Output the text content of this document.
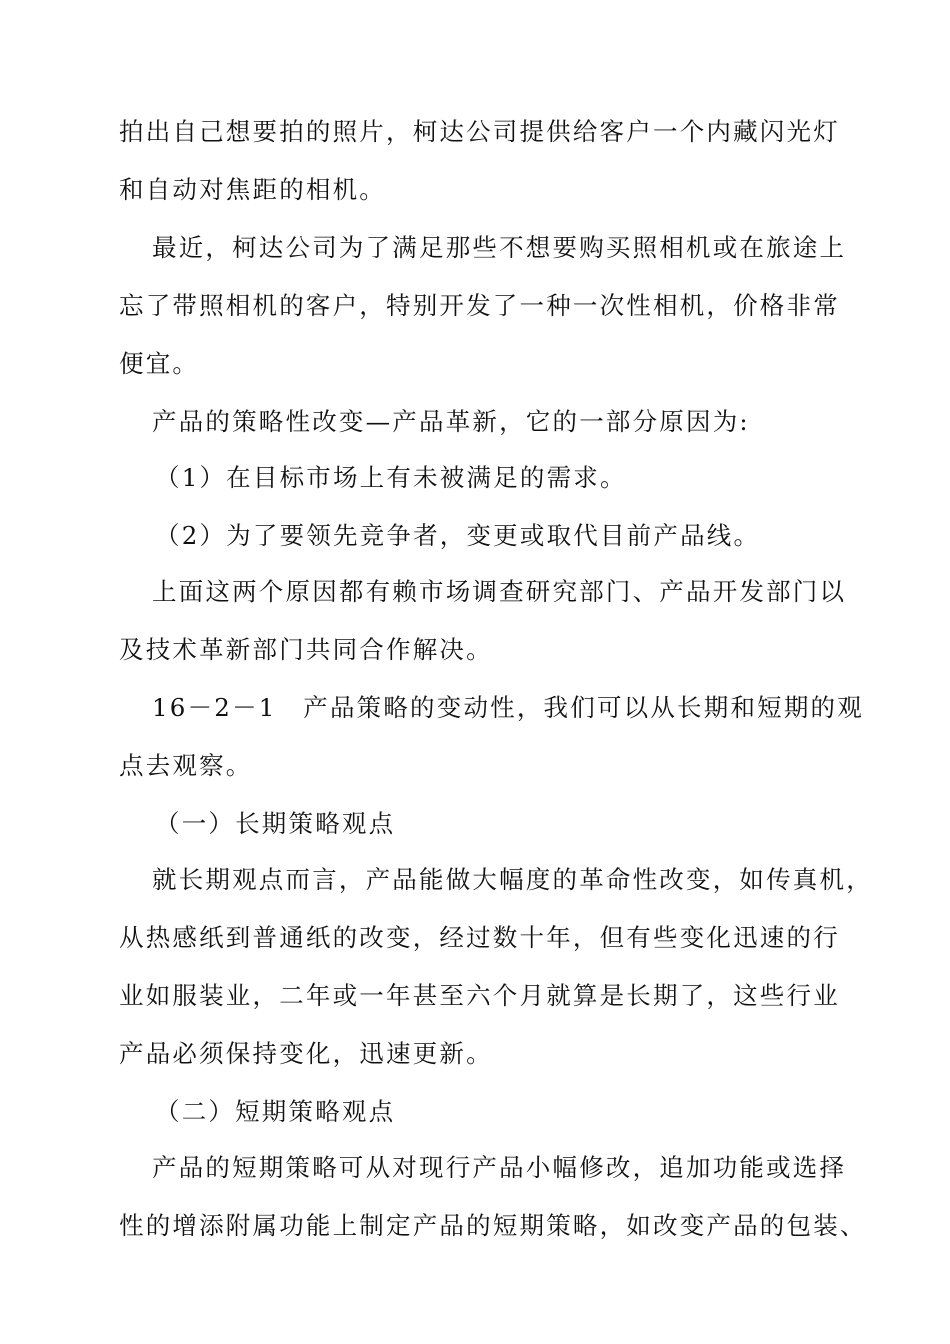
拍出自己想要拍的照片，柯达公司提供给客户一个内藏闪光灯
和自动对焦距的相机。
最近，柯达公司为了满足那些不想要购买照相机或在旅途上
忘了带照相机的客户，特别开发了一种一次性相机，价格非常
便宜。
产品的策略性改变—产品革新，它的一部分原因为:
（1）在目标市场上有未被满足的需求。
（2）为了要领先竞争者，变更或取代目前产品线。
上面这两个原因都有赖市场调查研究部门、产品开发部门以
及技术革新部门共同合作解决。
16－2－1　产品策略的变动性，我们可以从长期和短期的观
点去观察。
（一）长期策略观点
就长期观点而言，产品能做大幅度的革命性改变，如传真机，
从热感纸到普通纸的改变，经过数十年，但有些变化迅速的行
业如服装业，二年或一年甚至六个月就算是长期了，这些行业
产品必须保持变化，迅速更新。
（二）短期策略观点
产品的短期策略可从对现行产品小幅修改，追加功能或选择
性的增添附属功能上制定产品的短期策略，如改变产品的包装、
